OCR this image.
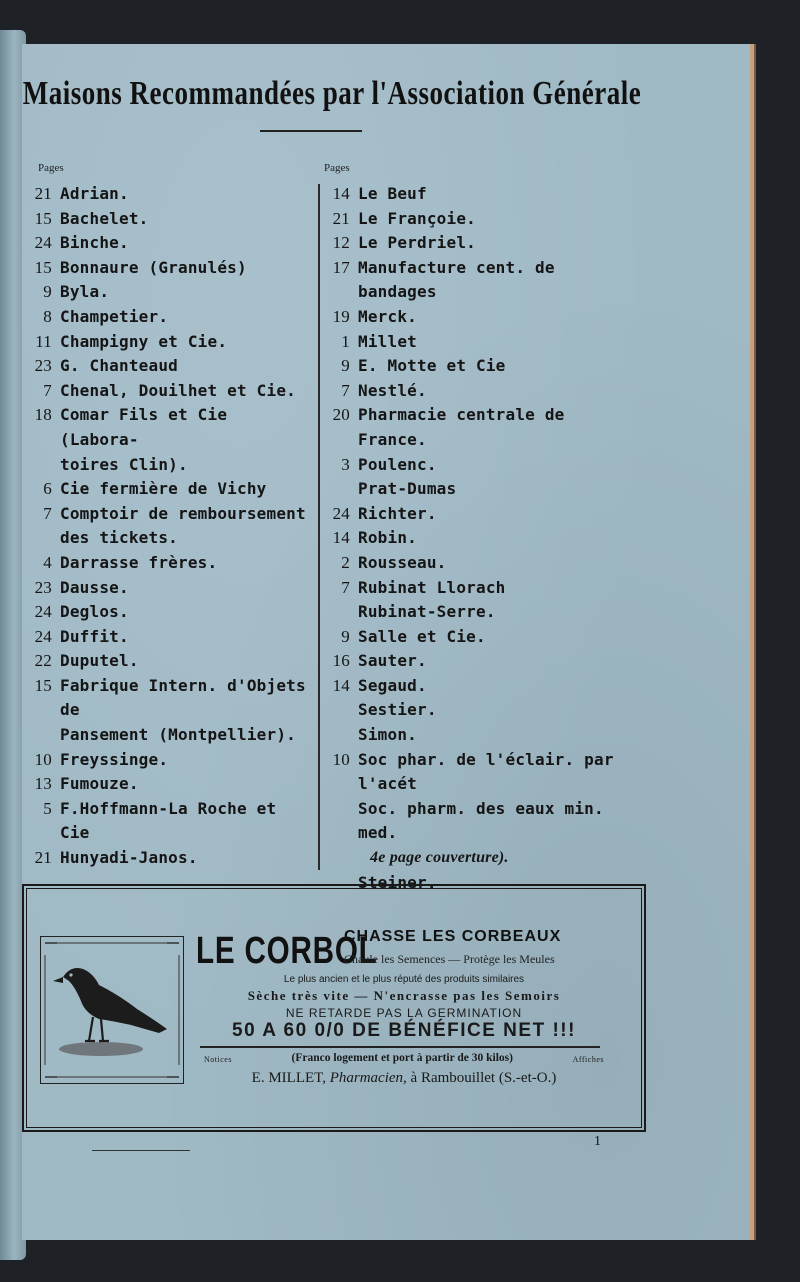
Maisons Recommandées par l'Association Générale
Pages
21 Adrian.
15 Bachelet.
24 Binche.
15 Bonnaure (Granulés)
9 Byla.
8 Champetier.
11 Champigny et Cie.
23 G. Chanteaud
7 Chenal, Douilhet et Cie.
18 Comar Fils et Cie (Labora-
toires Clin).
6 Cie fermière de Vichy
7 Comptoir de remboursement des tickets.
4 Darrasse frères.
23 Dausse.
24 Deglos.
24 Duffit.
22 Duputel.
15 Fabrique Intern. d'Objets de
Pansement (Montpellier).
10 Freyssinge.
13 Fumouze.
5 F.Hoffmann-La Roche et Cie
21 Hunyadi-Janos.
Pages
14 Le Beuf
21 Le Françoie.
12 Le Perdriel.
17 Manufacture cent. de bandages
19 Merck.
1 Millet
9 E. Motte et Cie
7 Nestlé.
20 Pharmacie centrale de France.
3 Poulenc.
Prat-Dumas
24 Richter.
14 Robin.
2 Rousseau.
7 Rubinat Llorach
Rubinat-Serre.
9 Salle et Cie.
16 Sauter.
14 Segaud.
Sestier.
Simon.
10 Soc phar. de l'éclair. par l'acét
Soc. pharm. des eaux min. med.
4e page couverture).
Steiner.
LE CORBOL
CHASSE LES CORBEAUX
Chaule les Semences — Protège les Meules
Le plus ancien et le plus réputé des produits similaires
Sèche très vite — N'encrasse pas les Semoirs
NE RETARDE PAS LA GERMINATION
50 A 60 0/0 DE BÉNÉFICE NET !!!
Notices	(Franco logement et port à partir de 30 kilos)	Affiches
E. MILLET, Pharmacien, à Rambouillet (S.-et-O.)
1
